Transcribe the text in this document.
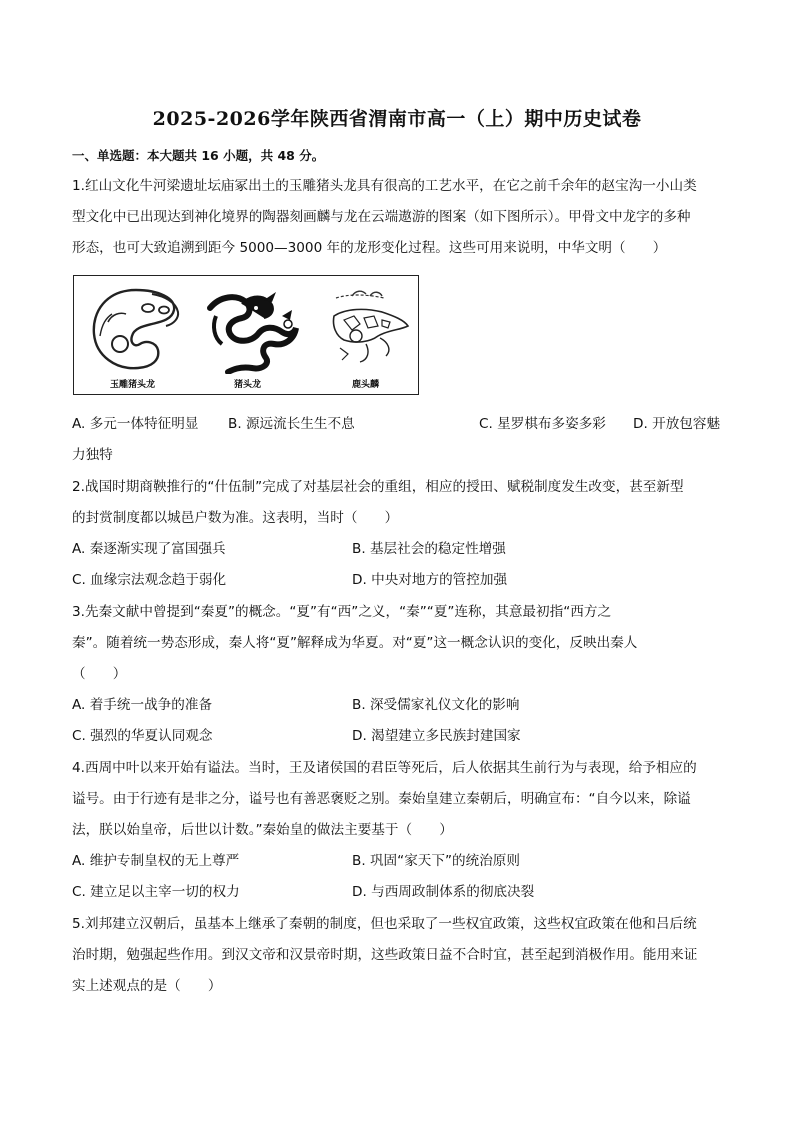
2025-2026学年陕西省渭南市高一（上）期中历史试卷
一、单选题：本大题共 16 小题，共 48 分。
1.红山文化牛河梁遗址坛庙冢出土的玉雕猪头龙具有很高的工艺水平，在它之前千余年的赵宝沟一小山类
型文化中已出现达到神化境界的陶器刻画麟与龙在云端遨游的图案（如下图所示）。甲骨文中龙字的多种
形态，也可大致追溯到距今 5000—3000 年的龙形变化过程。这些可用来说明，中华文明（　　）
玉雕猪头龙	猪头龙	鹿头麟
A. 多元一体特征明显 B. 源远流长生生不息	C. 星罗棋布多姿多彩 D. 开放包容魅
力独特
2.战国时期商鞅推行的“什伍制”完成了对基层社会的重组，相应的授田、赋税制度发生改变，甚至新型
的封赏制度都以城邑户数为准。这表明，当时（　　）
A. 秦逐渐实现了富国强兵	B. 基层社会的稳定性增强
C. 血缘宗法观念趋于弱化	D. 中央对地方的管控加强
3.先秦文献中曾提到“秦夏”的概念。“夏”有“西”之义，“秦”“夏”连称，其意最初指“西方之
秦”。随着统一势态形成，秦人将“夏”解释成为华夏。对“夏”这一概念认识的变化，反映出秦人
（　　）
A. 着手统一战争的准备	B. 深受儒家礼仪文化的影响
C. 强烈的华夏认同观念	D. 渴望建立多民族封建国家
4.西周中叶以来开始有谥法。当时，王及诸侯国的君臣等死后，后人依据其生前行为与表现，给予相应的
谥号。由于行迹有是非之分，谥号也有善恶褒贬之别。秦始皇建立秦朝后，明确宣布：“自今以来，除谥
法，朕以始皇帝，后世以计数。”秦始皇的做法主要基于（　　）
A. 维护专制皇权的无上尊严	B. 巩固“家天下”的统治原则
C. 建立足以主宰一切的权力	D. 与西周政制体系的彻底决裂
5.刘邦建立汉朝后，虽基本上继承了秦朝的制度，但也采取了一些权宜政策，这些权宜政策在他和吕后统
治时期，勉强起些作用。到汉文帝和汉景帝时期，这些政策日益不合时宜，甚至起到消极作用。能用来证
实上述观点的是（　　）
